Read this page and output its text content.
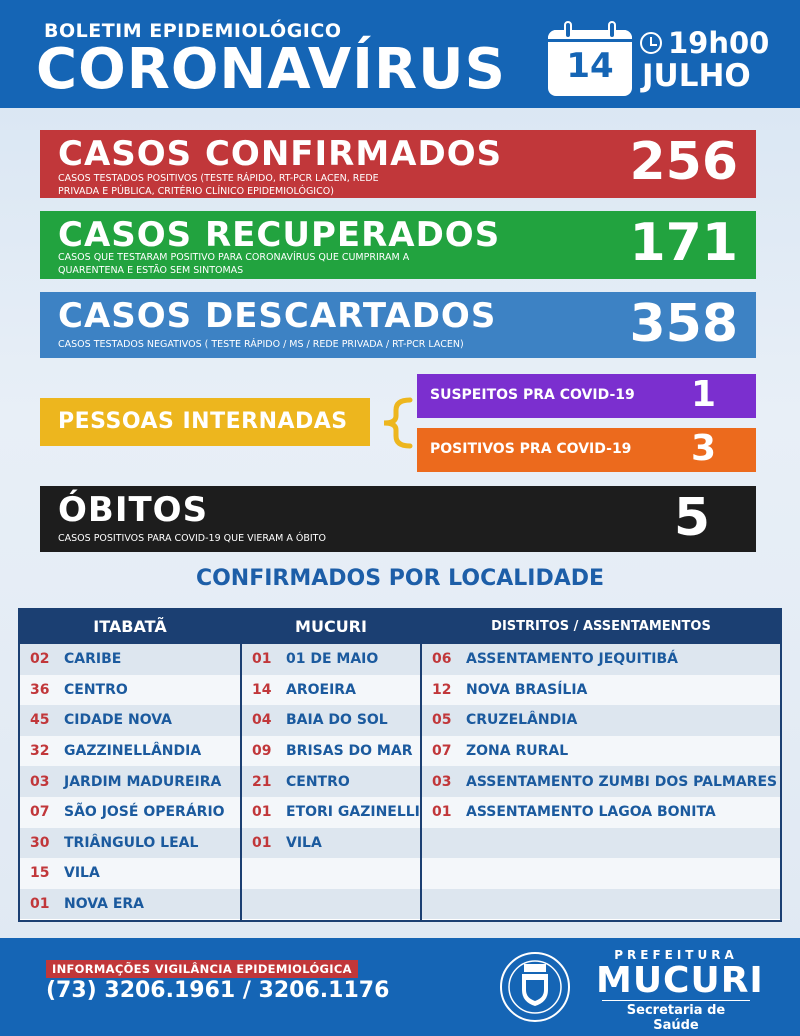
BOLETIM EPIDEMIOLÓGICO
CORONAVÍRUS	14
19h00
JULHO
CASOS CONFIRMADOS
CASOS TESTADOS POSITIVOS (TESTE RÁPIDO, RT-PCR LACEN, REDE PRIVADA E PÚBLICA, CRITÉRIO CLÍNICO EPIDEMIOLÓGICO)	256
CASOS RECUPERADOS
CASOS QUE TESTARAM POSITIVO PARA CORONAVÍRUS QUE CUMPRIRAM A QUARENTENA E ESTÃO SEM SINTOMAS	171
CASOS DESCARTADOS
CASOS TESTADOS NEGATIVOS ( TESTE RÁPIDO / MS / REDE PRIVADA / RT-PCR LACEN)	358
PESSOAS INTERNADAS
SUSPEITOS PRA COVID-19 1
POSITIVOS PRA COVID-19 3
ÓBITOS
CASOS POSITIVOS PARA COVID-19 QUE VIERAM A ÓBITO	5
CONFIRMADOS POR LOCALIDADE
ITABATÃ
02	CARIBE
36	CENTRO
45	CIDADE NOVA
32	GAZZINELLÂNDIA
03	JARDIM MADUREIRA
07	SÃO JOSÉ OPERÁRIO
30	TRIÂNGULO LEAL
15	VILA
01	NOVA ERA
MUCURI
01	01 DE MAIO
14	AROEIRA
04	BAIA DO SOL
09	BRISAS DO MAR
21	CENTRO
01	ETORI GAZINELLI
01	VILA
DISTRITOS / ASSENTAMENTOS
06	ASSENTAMENTO JEQUITIBÁ
12	NOVA BRASÍLIA
05	CRUZELÂNDIA
07	ZONA RURAL
03	ASSENTAMENTO ZUMBI DOS PALMARES
01	ASSENTAMENTO LAGOA BONITA
INFORMAÇÕES VIGILÂNCIA EPIDEMIOLÓGICA
(73) 3206.1961 / 3206.1176
PREFEITURA
MUCURI
Secretaria de Saúde
